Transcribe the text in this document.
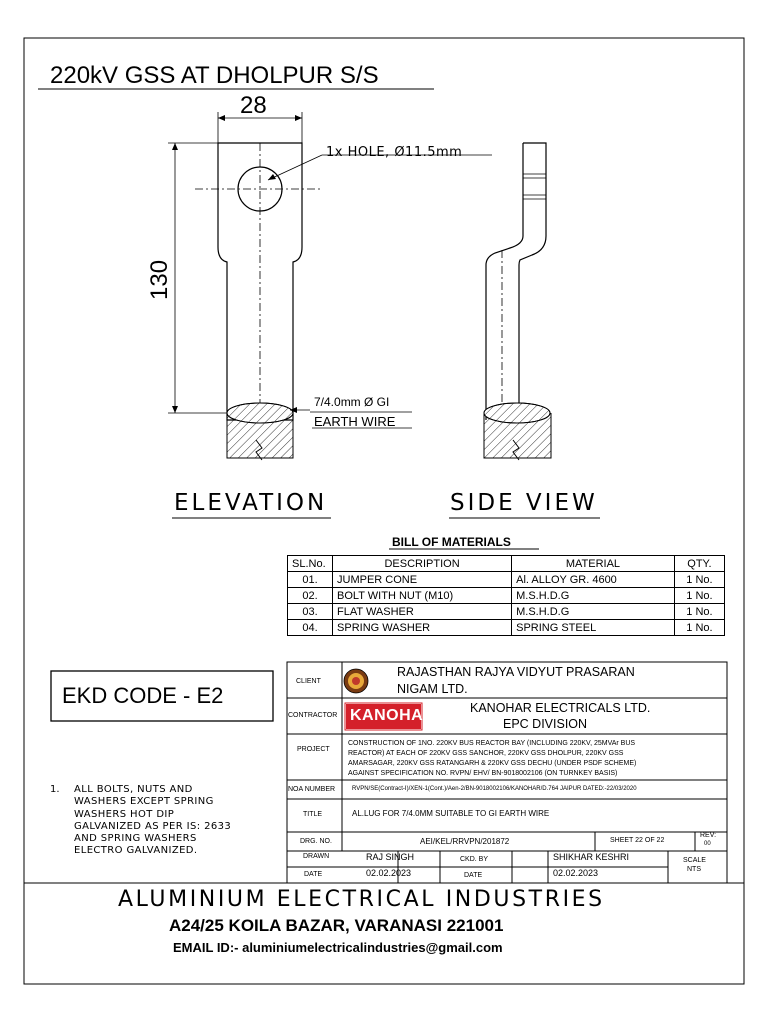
220kV GSS AT DHOLPUR S/S
28
130
1x HOLE, Ø11.5mm
7/4.0mm Ø GI
EARTH WIRE
ELEVATION	SIDE VIEW
BILL OF MATERIALS
SL.No.	DESCRIPTION	MATERIAL	QTY.
01.	JUMPER CONE	Al. ALLOY GR. 4600	1 No.
02.	BOLT WITH NUT (M10)	M.S.H.D.G	1 No.
03.	FLAT WASHER	M.S.H.D.G	1 No.
04.	SPRING WASHER	SPRING STEEL	1 No.
EKD CODE - E2
1. ALL BOLTS, NUTS AND
WASHERS EXCEPT SPRING
WASHERS HOT DIP
GALVANIZED AS PER IS: 2633
AND SPRING WASHERS
ELECTRO GALVANIZED.
CLIENT
RAJASTHAN RAJYA VIDYUT PRASARAN
NIGAM LTD.
CONTRACTOR KANOHAR	KANOHAR ELECTRICALS LTD.
EPC DIVISION
PROJECT
CONSTRUCTION OF 1NO. 220KV BUS REACTOR BAY (INCLUDING 220KV, 25MVAr BUS
REACTOR) AT EACH OF 220KV GSS SANCHOR, 220KV GSS DHOLPUR, 220KV GSS
AMARSAGAR, 220KV GSS RATANGARH & 220KV GSS DECHU (UNDER PSDF SCHEME)
AGAINST SPECIFICATION NO. RVPN/ EHV/ BN-9018002106 (ON TURNKEY BASIS)
NOA NUMBER	RVPN/SE(Contract-I)/XEN-1(Cont.)/Aen-2/BN-9018002106/KANOHAR/D.764 JAIPUR DATED:-22/03/2020
TITLE	AL.LUG FOR 7/4.0MM SUITABLE TO GI EARTH WIRE
DRG. NO.	AEI/KEL/RRVPN/201872	SHEET 22 OF 22
REV:
00
DRAWN	RAJ SINGH	CKD. BY	SHIKHAR KESHRI	SCALE
NTS
DATE	02.02.2023	DATE	02.02.2023
ALUMINIUM ELECTRICAL INDUSTRIES
A24/25 KOILA BAZAR, VARANASI 221001
EMAIL ID:- aluminiumelectricalindustries@gmail.com
